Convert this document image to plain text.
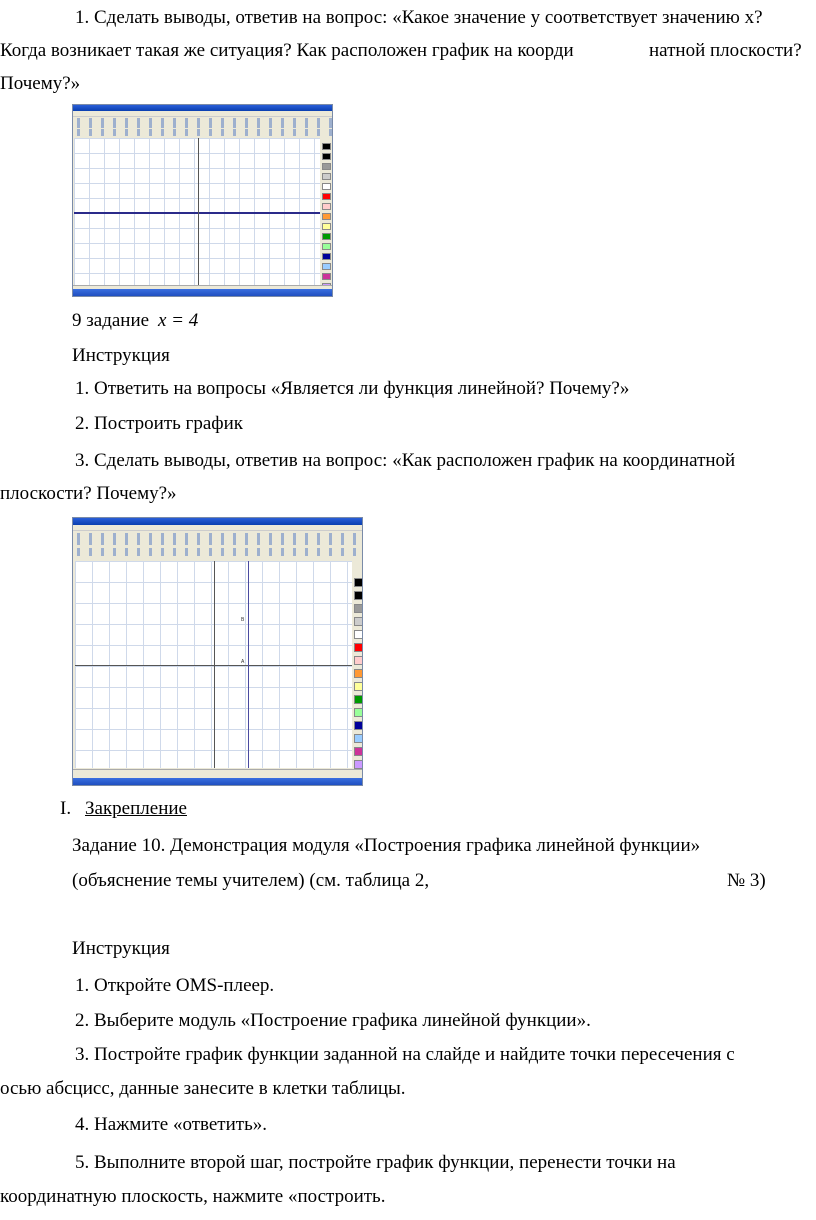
1. Сделать выводы, ответив на вопрос: «Какое значение у соответствует значению х?
Когда возникает такая же ситуация? Как расположен график на коорди	натной плоскости?
Почему?»
9 задание x = 4
Инструкция
1. Ответить на вопросы «Является ли функция линейной? Почему?»
2. Построить график
3. Сделать выводы, ответив на вопрос: «Как расположен график на координатной
плоскости? Почему?»
B
A
I. Закрепление
Задание 10. Демонстрация модуля «Построения графика линейной функции»
(объяснение темы учителем) (см. таблица 2,	№ 3)
Инструкция
1. Откройте OMS-плеер.
2. Выберите модуль «Построение графика линейной функции».
3. Постройте график функции заданной на слайде и найдите точки пересечения с
осью абсцисс, данные занесите в клетки таблицы.
4. Нажмите «ответить».
5. Выполните второй шаг, постройте график функции, перенести точки на
координатную плоскость, нажмите «построить.
